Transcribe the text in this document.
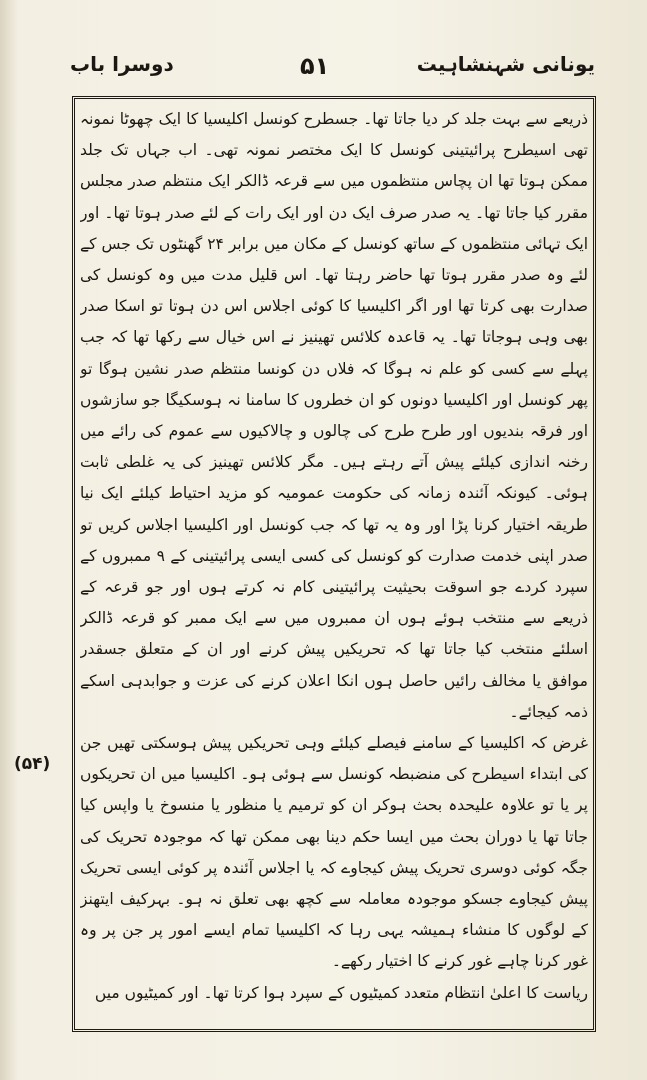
دوسرا باب	۵۱	یونانی شہنشاہیت

ذریعے سے بہت جلد کر دیا جاتا تھا۔ جسطرح کونسل اکلیسیا کا ایک چھوٹا نمونہ تھی اسیطرح پرائیتینی کونسل کا ایک مختصر نمونہ تھی۔ اب جہاں تک جلد ممکن ہوتا تھا ان پچاس منتظموں میں سے قرعہ ڈالکر ایک منتظم صدر مجلس مقرر کیا جاتا تھا۔ یہ صدر صرف ایک دن اور ایک رات کے لئے صدر ہوتا تھا۔ اور ایک تہائی منتظموں کے ساتھ کونسل کے مکان میں برابر ۲۴ گھنٹوں تک جس کے لئے وہ صدر مقرر ہوتا تھا حاضر رہتا تھا۔ اس قلیل مدت میں وہ کونسل کی صدارت بھی کرتا تھا اور اگر اکلیسیا کا کوئی اجلاس اس دن ہوتا تو اسکا صدر بھی وہی ہوجاتا تھا۔ یہ قاعدہ کلائس تھینیز نے اس خیال سے رکھا تھا کہ جب پہلے سے کسی کو علم نہ ہوگا کہ فلاں دن کونسا منتظم صدر نشین ہوگا تو پھر کونسل اور اکلیسیا دونوں کو ان خطروں کا سامنا نہ ہوسکیگا جو سازشوں اور فرقہ بندیوں اور طرح طرح کی چالوں و چالاکیوں سے عموم کی رائے میں رخنہ اندازی کیلئے پیش آتے رہتے ہیں۔ مگر کلائس تھینیز کی یہ غلطی ثابت ہوئی۔ کیونکہ آئندہ زمانہ کی حکومت عمومیہ کو مزید احتیاط کیلئے ایک نیا طریقہ اختیار کرنا پڑا اور وہ یہ تھا کہ جب کونسل اور اکلیسیا اجلاس کریں تو صدر اپنی خدمت صدارت کو کونسل کی کسی ایسی پرائیتینی کے ۹ ممبروں کے سپرد کردے جو اسوقت بحیثیت پرائیتینی کام نہ کرتے ہوں اور جو قرعہ کے ذریعے سے منتخب ہوئے ہوں ان ممبروں میں سے ایک ممبر کو قرعہ ڈالکر اسلئے منتخب کیا جاتا تھا کہ تحریکیں پیش کرنے اور ان کے متعلق جسقدر موافق یا مخالف رائیں حاصل ہوں انکا اعلان کرنے کی عزت و جوابدہی اسکے ذمہ کیجائے۔

غرض کہ اکلیسیا کے سامنے فیصلے کیلئے وہی تحریکیں پیش ہوسکتی تھیں جن کی ابتداء اسیطرح کی منضبطہ کونسل سے ہوئی ہو۔ اکلیسیا میں ان تحریکوں پر یا تو علاوہ علیحدہ بحث ہوکر ان کو ترمیم یا منظور یا منسوخ یا واپس کیا جاتا تھا یا دوران بحث میں ایسا حکم دینا بھی ممکن تھا کہ موجودہ تحریک کی جگہ کوئی دوسری تحریک پیش کیجاوے کہ یا اجلاس آئندہ پر کوئی ایسی تحریک پیش کیجاوے جسکو موجودہ معاملہ سے کچھ بھی تعلق نہ ہو۔ بہرکیف ایتھنز کے لوگوں کا منشاء ہمیشہ یہی رہا کہ اکلیسیا تمام ایسے امور پر جن پر وہ غور کرنا چاہے غور کرنے کا اختیار رکھے۔

ریاست کا اعلیٰ انتظام متعدد کمیٹیوں کے سپرد ہوا کرتا تھا۔ اور کمیٹیوں میں

(۵۴)
